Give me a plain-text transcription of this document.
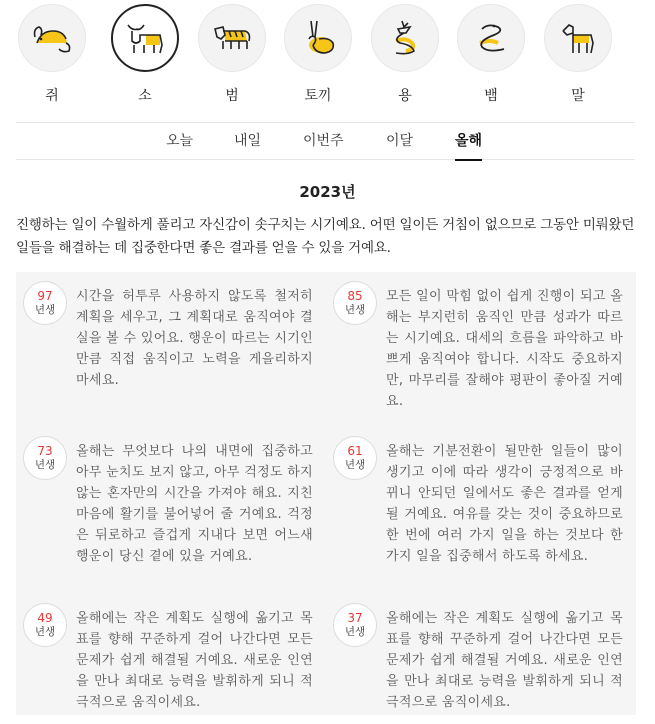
쥐	소	범	토끼	용	뱀	말
오늘	내일	이번주	이달	올해
2023년
진행하는 일이 수월하게 풀리고 자신감이 솟구치는 시기예요. 어떤 일이든 거침이 없으므로 그동안 미뤄왔던 일들을 해결하는 데 집중한다면 좋은 결과를 얻을 수 있을 거예요.
97
년생
시간을 허투루 사용하지 않도록 철저히 계획을 세우고, 그 계획대로 움직여야 결실을 볼 수 있어요. 행운이 따르는 시기인 만큼 직접 움직이고 노력을 게을리하지 마세요.
85
년생
모든 일이 막힘 없이 쉽게 진행이 되고 올해는 부지런히 움직인 만큼 성과가 따르는 시기예요. 대세의 흐름을 파악하고 바쁘게 움직여야 합니다. 시작도 중요하지만, 마무리를 잘해야 평판이 좋아질 거예요.
73
년생
올해는 무엇보다 나의 내면에 집중하고 아무 눈치도 보지 않고, 아무 걱정도 하지 않는 혼자만의 시간을 가져야 해요. 지친 마음에 활기를 불어넣어 줄 거예요. 걱정은 뒤로하고 즐겁게 지내다 보면 어느새 행운이 당신 곁에 있을 거예요.
61
년생
올해는 기분전환이 될만한 일들이 많이 생기고 이에 따라 생각이 긍정적으로 바뀌니 안되던 일에서도 좋은 결과를 얻게 될 거예요. 여유를 갖는 것이 중요하므로 한 번에 여러 가지 일을 하는 것보다 한 가지 일을 집중해서 하도록 하세요.
49
년생
올해에는 작은 계획도 실행에 옮기고 목표를 향해 꾸준하게 걸어 나간다면 모든 문제가 쉽게 해결될 거예요. 새로운 인연을 만나 최대로 능력을 발휘하게 되니 적극적으로 움직이세요.
37
년생
올해에는 작은 계획도 실행에 옮기고 목표를 향해 꾸준하게 걸어 나간다면 모든 문제가 쉽게 해결될 거예요. 새로운 인연을 만나 최대로 능력을 발휘하게 되니 적극적으로 움직이세요.
